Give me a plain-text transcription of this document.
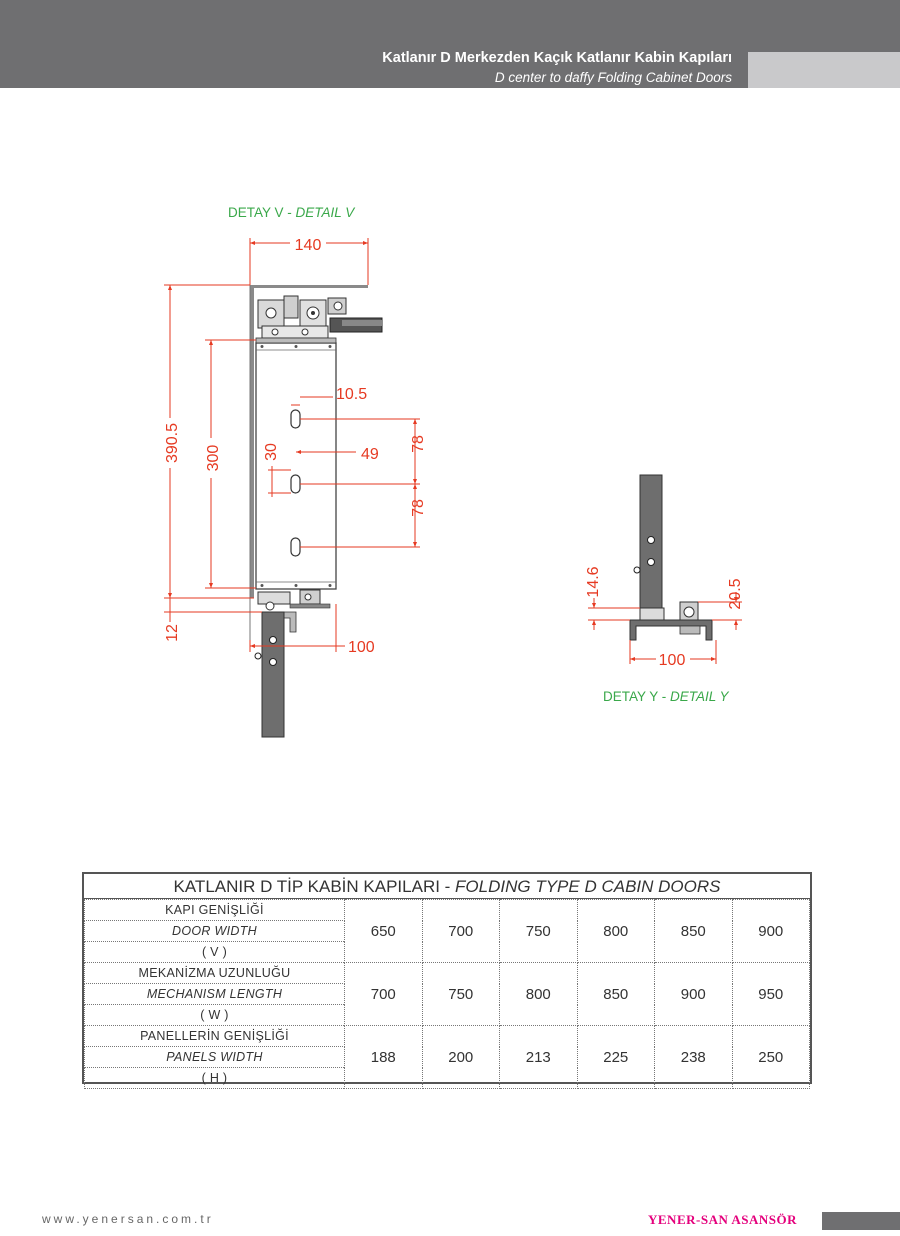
Katlanır D Merkezden Kaçık Katlanır Kabin Kapıları
D center to daffy Folding Cabinet Doors
DETAY V - DETAIL V
140
390.5 300
10.5
30	49
78
78
12
100
14.6	20.5
100
DETAY Y - DETAIL Y
KATLANIR D TİP KABİN KAPILARI - FOLDING TYPE D CABIN DOORS
KAPI GENİŞLİĞİ	650	700	750	800	850	900
DOOR WIDTH						
( V )						
MEKANİZMA UZUNLUĞU	700	750	800	850	900	950
MECHANISM LENGTH						
( W )						
PANELLERİN GENİŞLİĞİ	188	200	213	225	238	250
PANELS WIDTH						
( H )						
www.yenersan.com.tr	YENER-SAN ASANSÖR
